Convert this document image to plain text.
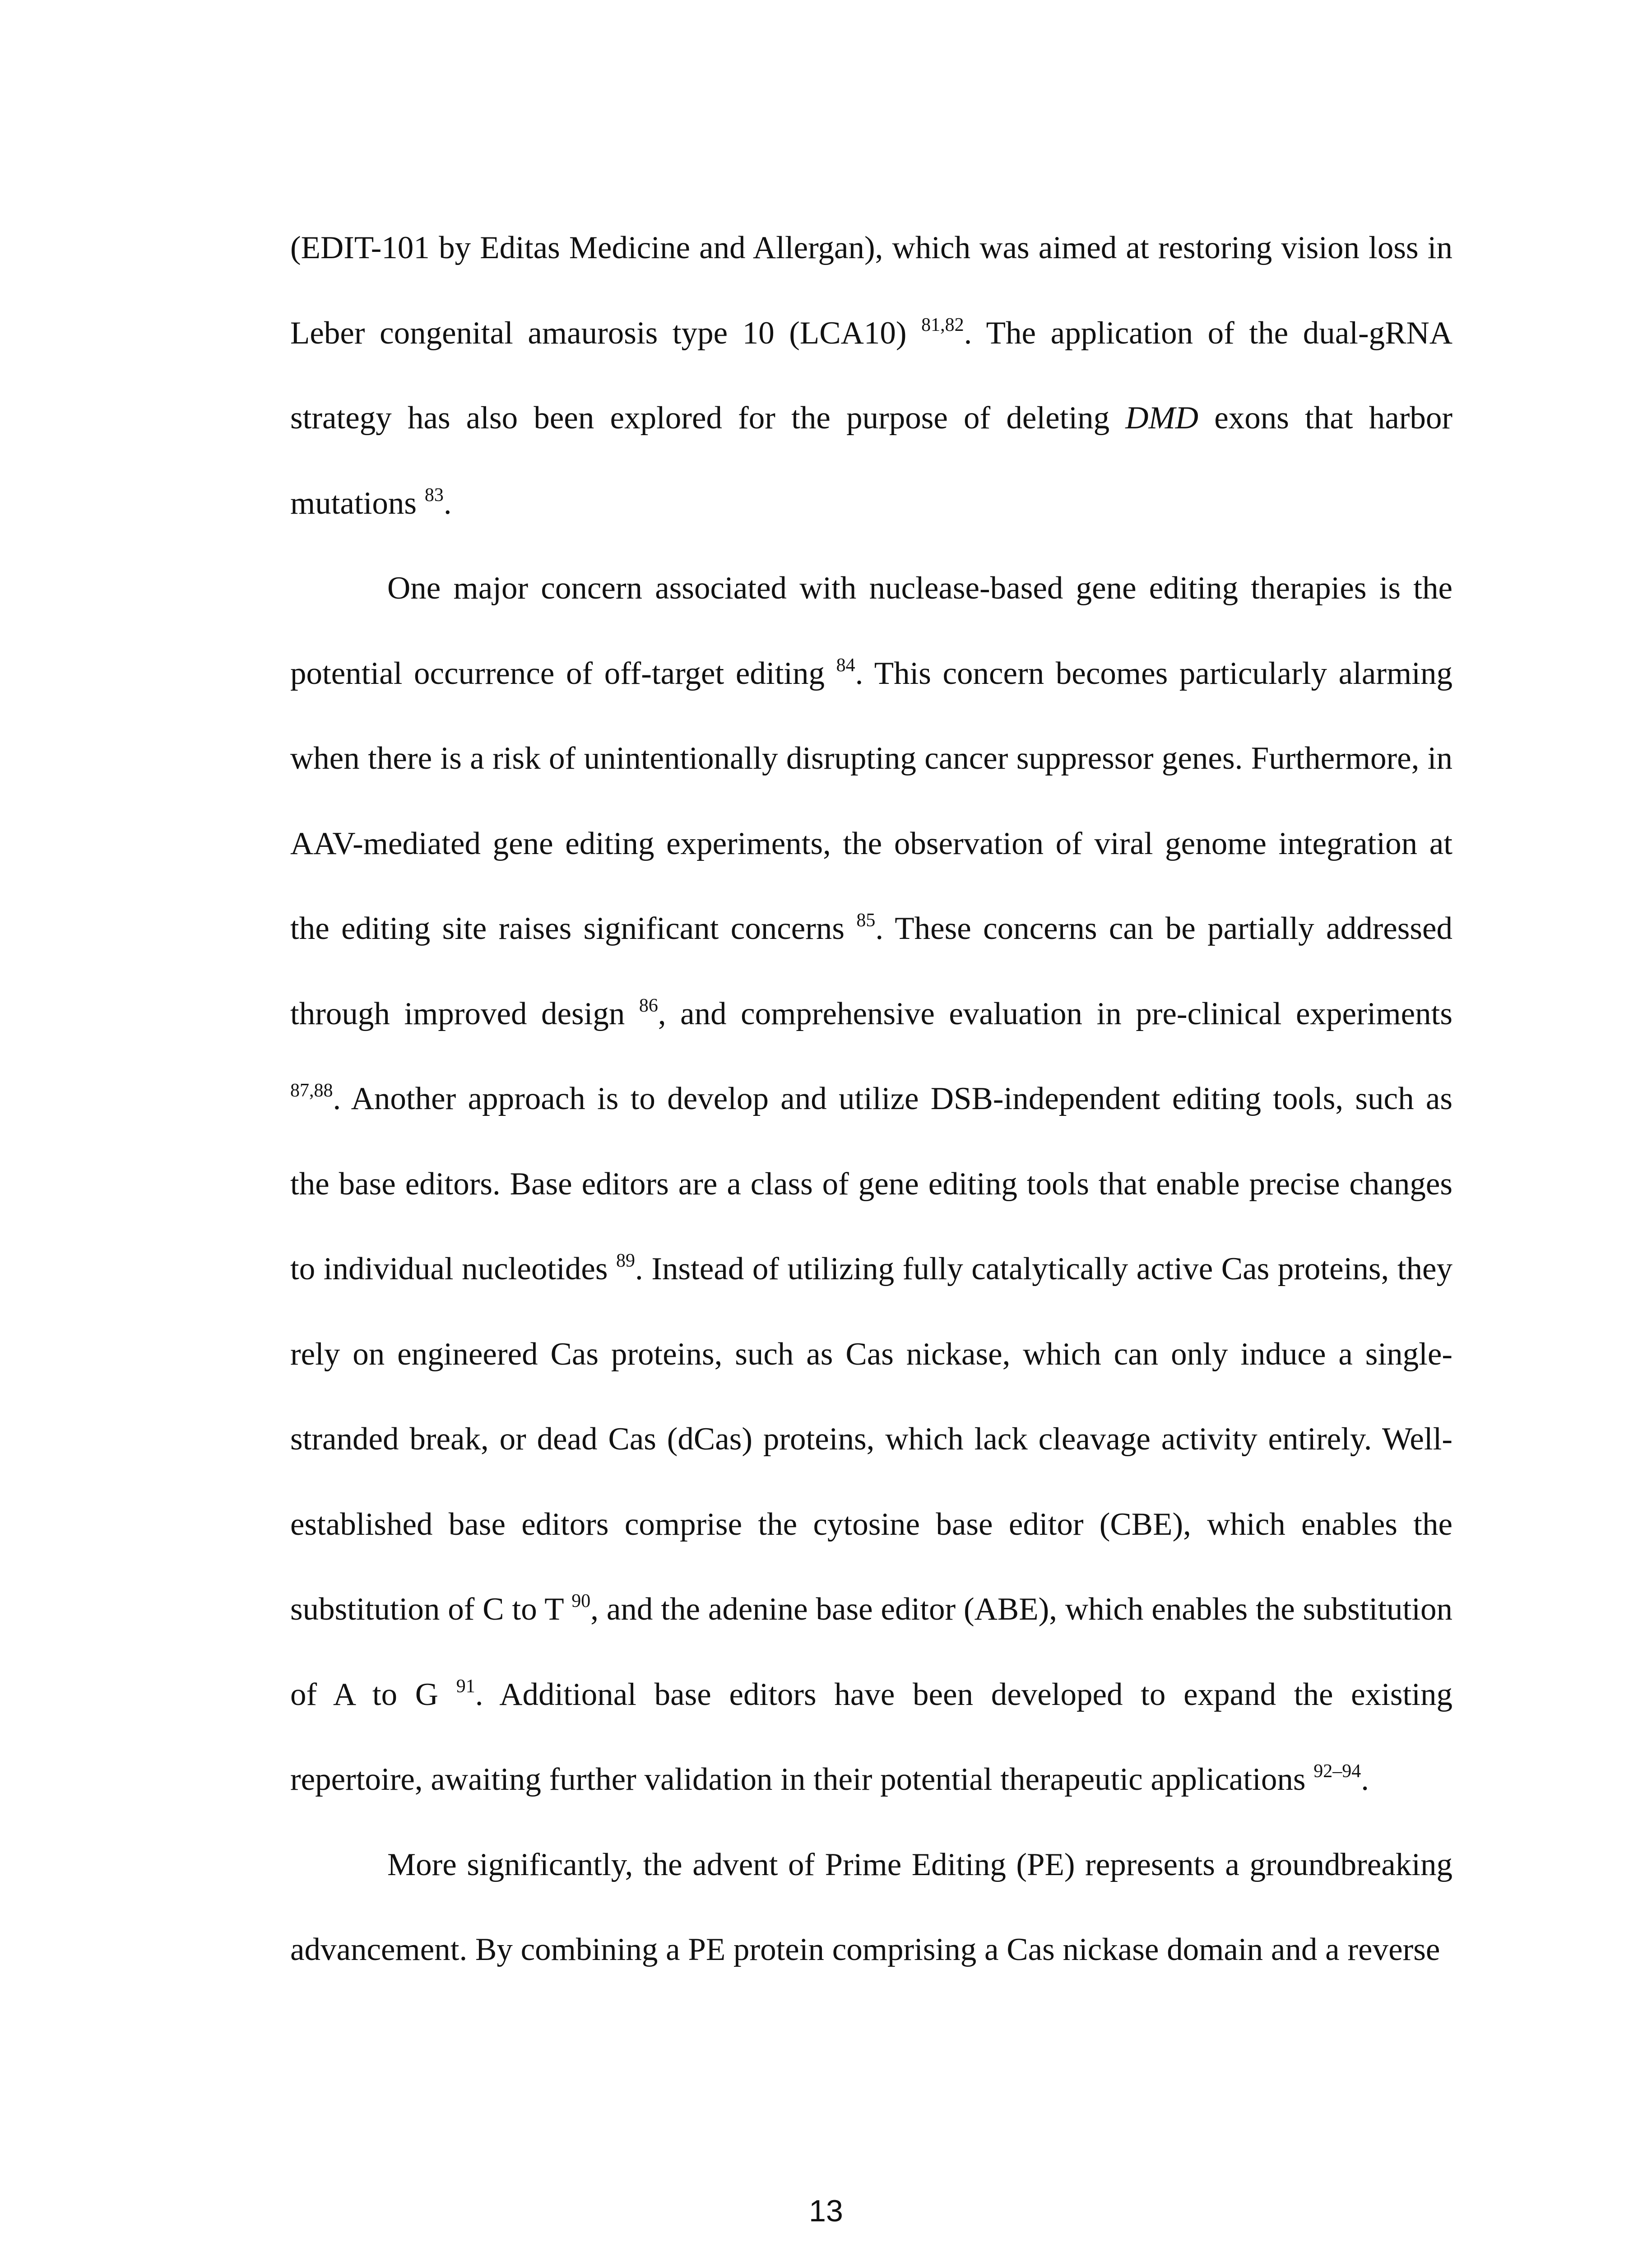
(EDIT-101 by Editas Medicine and Allergan), which was aimed at restoring vision loss in Leber congenital amaurosis type 10 (LCA10) $^{81,82}$. The application of the dual-gRNA strategy has also been explored for the purpose of deleting DMD exons that harbor mutations $^{83}$.

One major concern associated with nuclease-based gene editing therapies is the potential occurrence of off-target editing $^{84}$. This concern becomes particularly alarming when there is a risk of unintentionally disrupting cancer suppressor genes. Furthermore, in AAV-mediated gene editing experiments, the observation of viral genome integration at the editing site raises significant concerns $^{85}$. These concerns can be partially addressed through improved design $^{86}$, and comprehensive evaluation in pre-clinical experiments $^{87,88}$. Another approach is to develop and utilize DSB-independent editing tools, such as the base editors. Base editors are a class of gene editing tools that enable precise changes to individual nucleotides $^{89}$. Instead of utilizing fully catalytically active Cas proteins, they rely on engineered Cas proteins, such as Cas nickase, which can only induce a single-stranded break, or dead Cas (dCas) proteins, which lack cleavage activity entirely. Well-established base editors comprise the cytosine base editor (CBE), which enables the substitution of C to T $^{90}$, and the adenine base editor (ABE), which enables the substitution of A to G $^{91}$. Additional base editors have been developed to expand the existing repertoire, awaiting further validation in their potential therapeutic applications $^{92-94}$.

More significantly, the advent of Prime Editing (PE) represents a groundbreaking advancement. By combining a PE protein comprising a Cas nickase domain and a reverse

13
